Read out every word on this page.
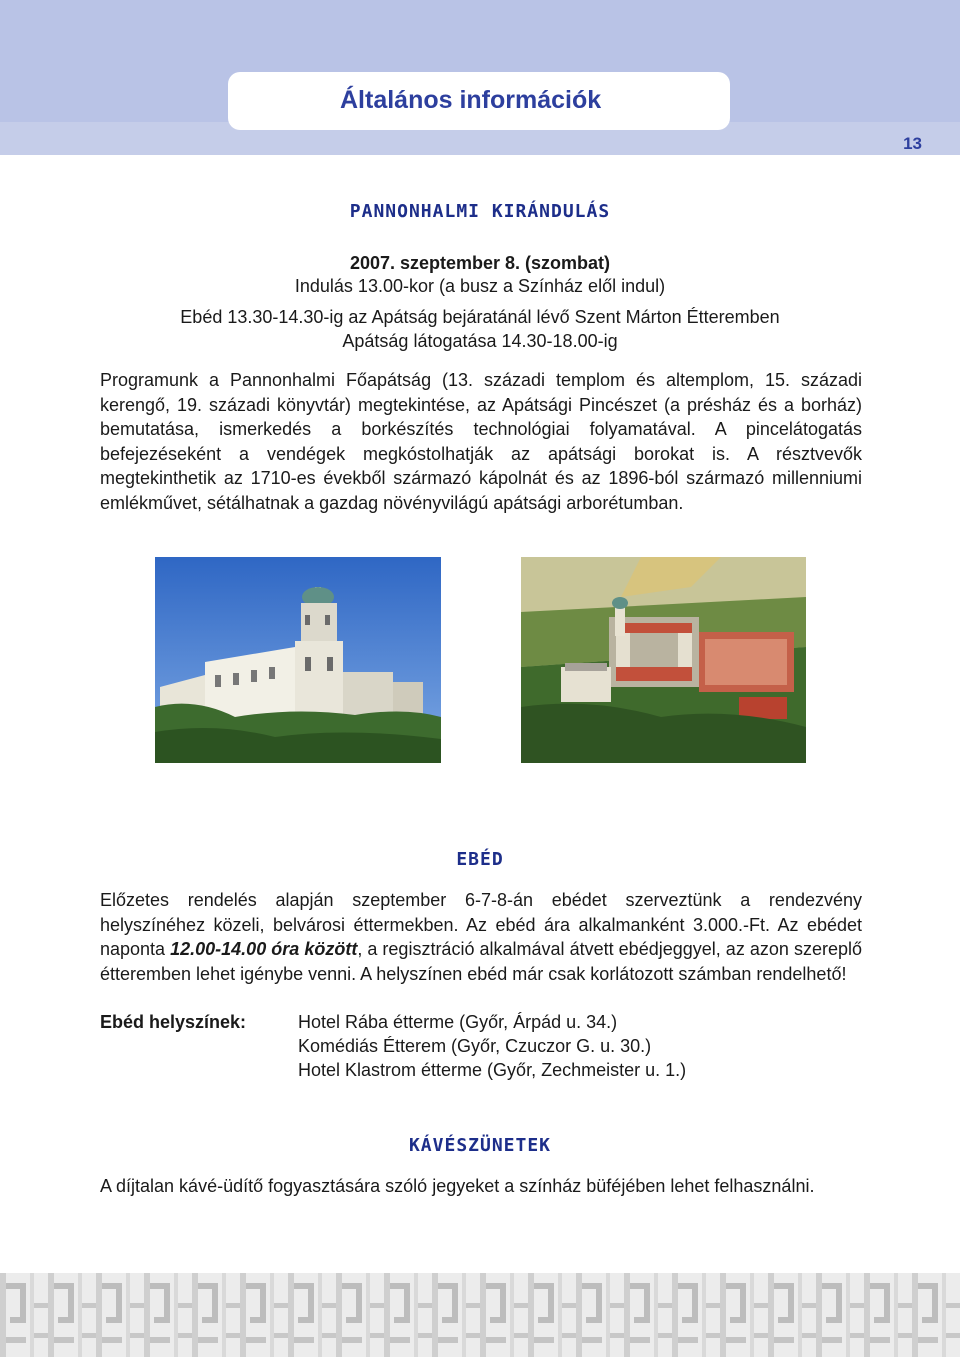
Általános információk
13
PANNONHALMI KIRÁNDULÁS
2007. szeptember 8. (szombat)
Indulás 13.00-kor (a busz a Színház elől indul)
Ebéd 13.30-14.30-ig az Apátság bejáratánál lévő Szent Márton Étteremben
Apátság látogatása 14.30-18.00-ig
Programunk a Pannonhalmi Főapátság (13. századi templom és altemplom, 15. századi kerengő, 19. századi könyvtár) megtekintése, az Apátsági Pincészet (a présház és a borház) bemutatása, ismerkedés a borkészítés technológiai folyamatával. A pincelátogatás befejezéseként a vendégek megkóstolhatják az apátsági borokat is. A résztvevők megtekinthetik az 1710-es évekből származó kápolnát és az 1896-ból származó millenniumi emlékművet, sétálhatnak a gazdag növényvilágú apátsági arborétumban.
EBÉD
Előzetes rendelés alapján szeptember 6-7-8-án ebédet szerveztünk a rendezvény helyszínéhez közeli, belvárosi éttermekben. Az ebéd ára alkalmanként 3.000.-Ft. Az ebédet naponta 12.00-14.00 óra között, a regisztráció alkalmával átvett ebédjeggyel, az azon szereplő étteremben lehet igénybe venni. A helyszínen ebéd már csak korlátozott számban rendelhető!
Ebéd helyszínek:	Hotel Rába étterme (Győr, Árpád u. 34.)
Komédiás Étterem (Győr, Czuczor G. u. 30.)
Hotel Klastrom étterme (Győr, Zechmeister u. 1.)
KÁVÉSZÜNETEK
A díjtalan kávé-üdítő fogyasztására szóló jegyeket a színház büféjében lehet felhasználni.
